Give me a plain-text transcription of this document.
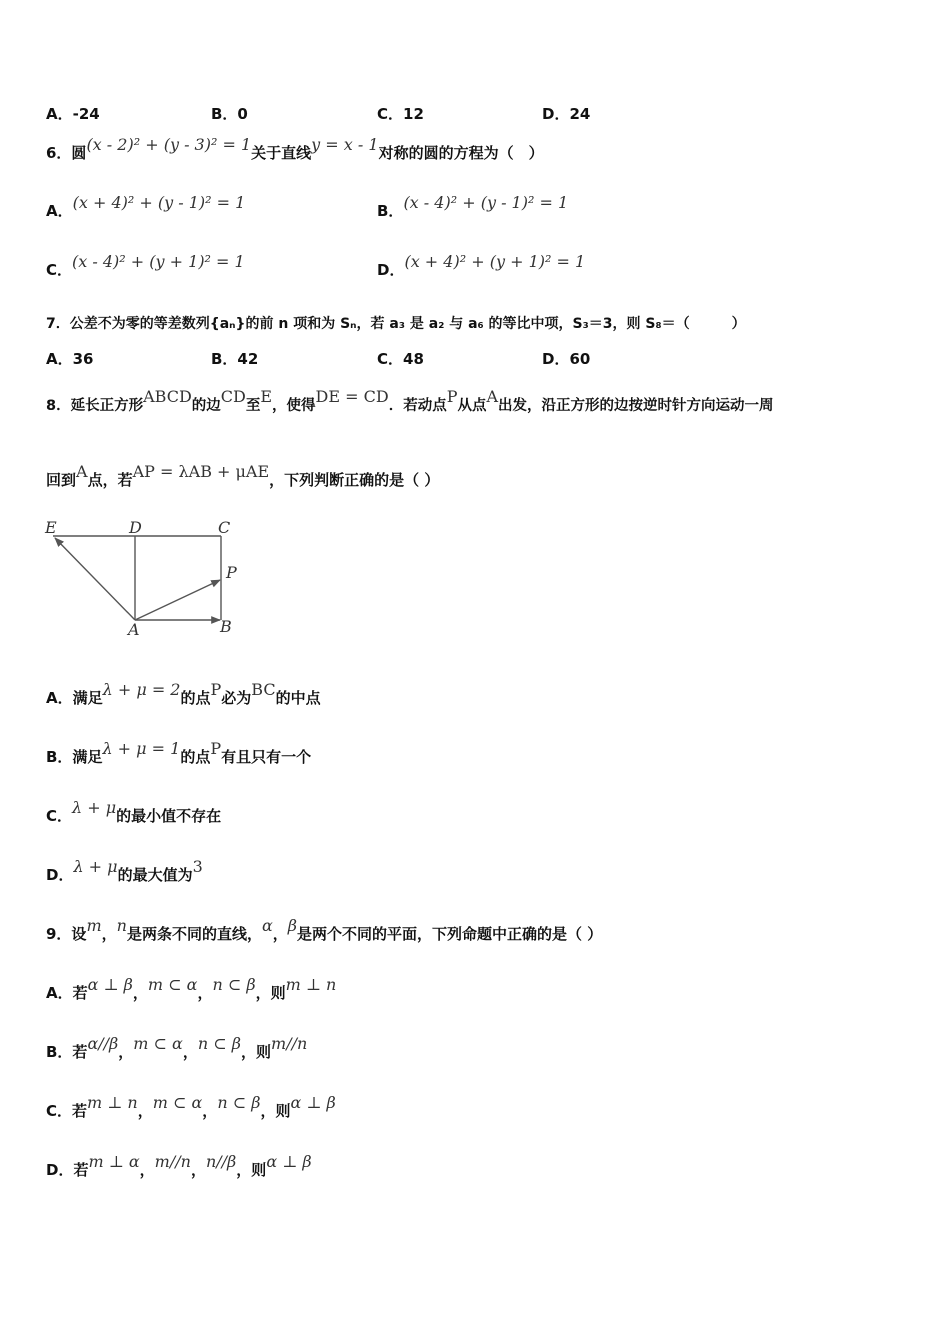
A．-24	B．0	C．12	D．24
6．圆(x - 2)² + (y - 3)² = 1关于直线y = x - 1对称的圆的方程为（　）
A．(x + 4)² + (y - 1)² = 1	B．(x - 4)² + (y - 1)² = 1
C．(x - 4)² + (y + 1)² = 1	D．(x + 4)² + (y + 1)² = 1
7．公差不为零的等差数列{aₙ}的前 n 项和为 Sₙ，若 a₃ 是 a₂ 与 a₆ 的等比中项，S₃＝3，则 S₈＝（　　　）
A．36	B．42	C．48	D．60
8．延长正方形ABCD的边CD至E，使得DE = CD．若动点P从点A出发，沿正方形的边按逆时针方向运动一周
回到A点，若AP = λAB + μAE，下列判断正确的是（ ）
E	D	C
P
A	B
A．满足λ + μ = 2的点P必为BC的中点
B．满足λ + μ = 1的点P有且只有一个
C．λ + μ的最小值不存在
D．λ + μ的最大值为3
9．设m，n是两条不同的直线，α，β是两个不同的平面，下列命题中正确的是（ ）
A．若α ⊥ β，m ⊂ α，n ⊂ β，则m ⊥ n
B．若α//β，m ⊂ α，n ⊂ β，则m//n
C．若m ⊥ n，m ⊂ α，n ⊂ β，则α ⊥ β
D．若m ⊥ α，m//n，n//β，则α ⊥ β
